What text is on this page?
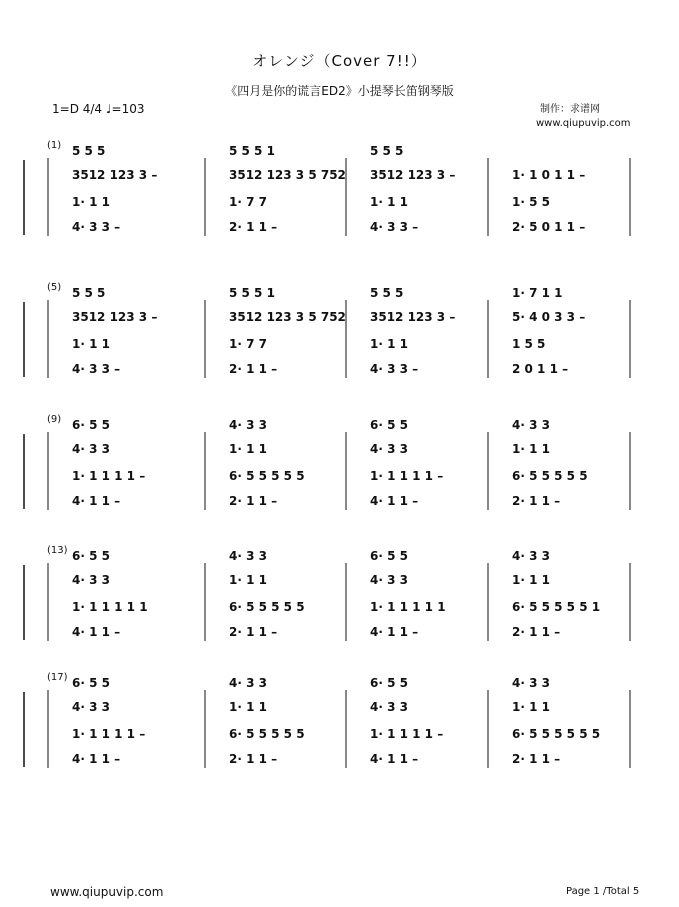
オレンジ（Cover 7!!）
《四月是你的谎言ED2》小提琴长笛钢琴版
1=D 4/4 ♩=103	制作：求谱网
www.qiupuvip.com
(1) 5 5 5
3512 123 3 –
1· 1 1
4· 3 3 –
5 5 5 1
3512 123 3 5 752
1· 7 7
2· 1 1 –
5 5 5
3512 123 3 –
1· 1 1
4· 3 3 –
1· 1 0 1 1 –
1· 5 5
2· 5 0 1 1 –
(5) 5 5 5
3512 123 3 –
1· 1 1
4· 3 3 –
5 5 5 1
3512 123 3 5 752
1· 7 7
2· 1 1 –
5 5 5
3512 123 3 –
1· 1 1
4· 3 3 –
1· 7 1 1
5· 4 0 3 3 –
1 5 5
2 0 1 1 –
(9) 6· 5 5
4· 3 3
1· 1 1 1 1 –
4· 1 1 –
4· 3 3
1· 1 1
6· 5 5 5 5 5
2· 1 1 –
6· 5 5
4· 3 3
1· 1 1 1 1 –
4· 1 1 –
4· 3 3
1· 1 1
6· 5 5 5 5 5
2· 1 1 –
(13) 6· 5 5
4· 3 3
1· 1 1 1 1 1
4· 1 1 –
4· 3 3
1· 1 1
6· 5 5 5 5 5
2· 1 1 –
6· 5 5
4· 3 3
1· 1 1 1 1 1
4· 1 1 –
4· 3 3
1· 1 1
6· 5 5 5 5 5 1
2· 1 1 –
(17) 6· 5 5
4· 3 3
1· 1 1 1 1 –
4· 1 1 –
4· 3 3
1· 1 1
6· 5 5 5 5 5
2· 1 1 –
6· 5 5
4· 3 3
1· 1 1 1 1 –
4· 1 1 –
4· 3 3
1· 1 1
6· 5 5 5 5 5 5
2· 1 1 –
www.qiupuvip.com	Page 1 /Total 5
